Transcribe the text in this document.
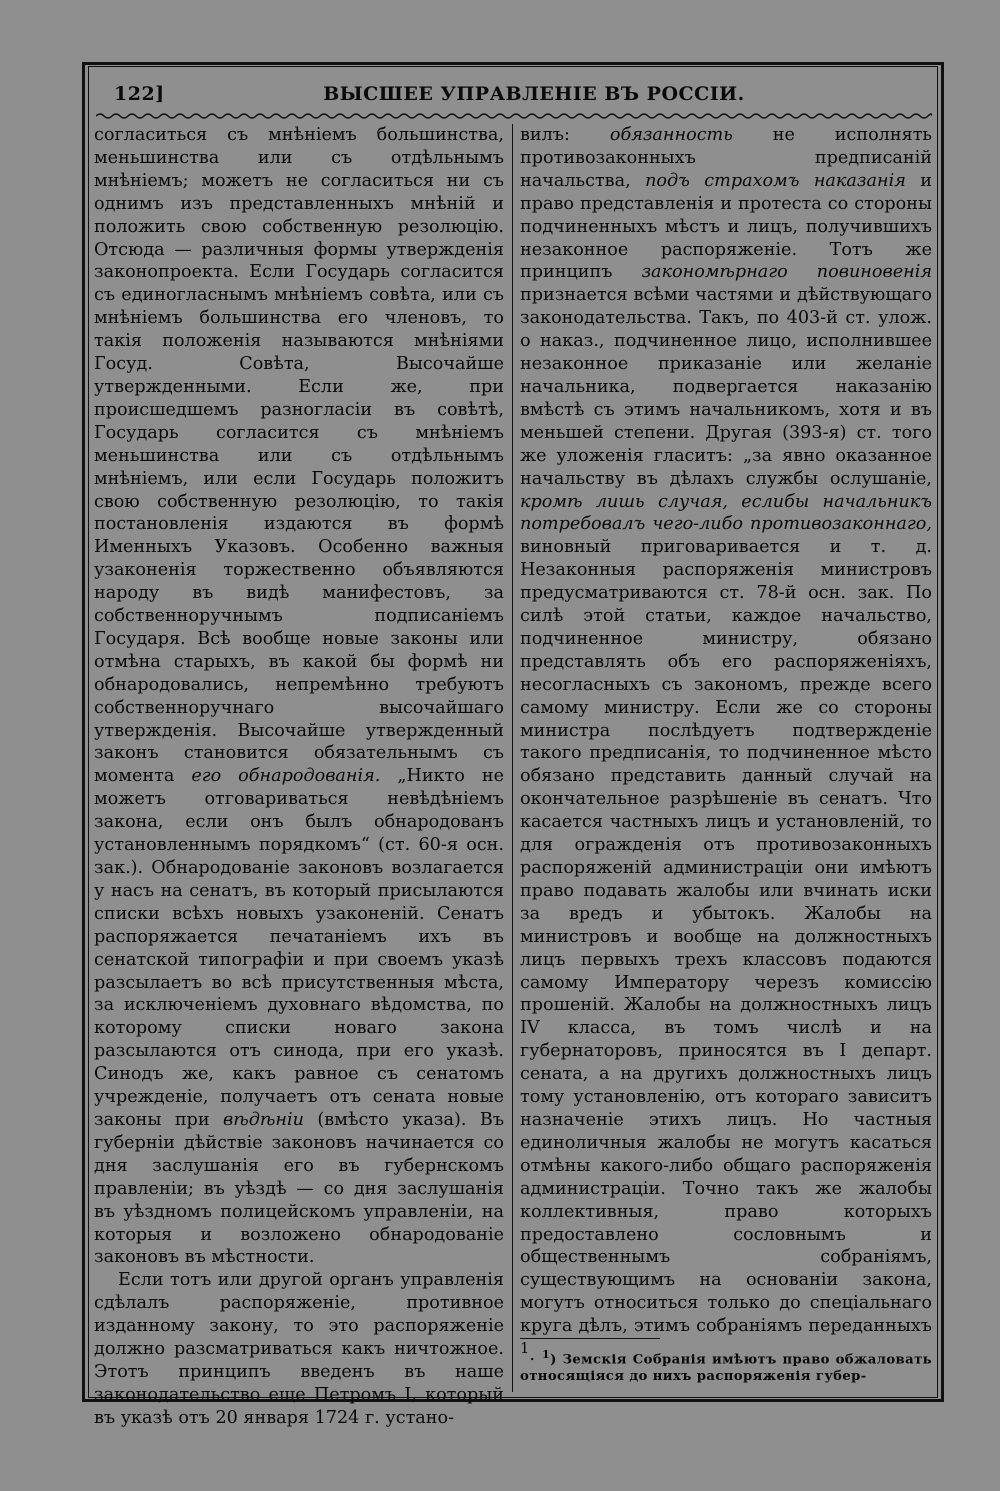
122]	ВЫСШЕЕ УПРАВЛЕНІЕ ВЪ РОССІИ.

согласиться съ мнѣніемъ большинства, меньшинства или съ отдѣльнымъ мнѣніемъ; можетъ не согласиться ни съ однимъ изъ представленныхъ мнѣній и положить свою собственную резолюцію. Отсюда — различныя формы утвержденія законопроекта. Если Государь согласится съ единогласнымъ мнѣніемъ совѣта, или съ мнѣніемъ большинства его членовъ, то такія положенія называются мнѣніями Госуд. Совѣта, Высочайше утвержденными. Если же, при происшедшемъ разногласіи въ совѣтѣ, Государь согласится съ мнѣніемъ меньшинства или съ отдѣльнымъ мнѣніемъ, или если Государь положитъ свою собственную резолюцію, то такія постановленія издаются въ формѣ Именныхъ Указовъ. Особенно важныя узаконенія торжественно объявляются народу въ видѣ манифестовъ, за собственноручнымъ подписаніемъ Государя. Всѣ вообще новые законы или отмѣна старыхъ, въ какой бы формѣ ни обнародовались, непремѣнно требуютъ собственноручнаго высочайшаго утвержденія. Высочайше утвержденный законъ становится обязательнымъ съ момента его обнародованія. „Никто не можетъ отговариваться невѣдѣніемъ закона, если онъ былъ обнародованъ установленнымъ порядкомъ“ (ст. 60-я осн. зак.). Обнародованіе законовъ возлагается у насъ на сенатъ, въ который присылаются списки всѣхъ новыхъ узаконеній. Сенатъ распоряжается печатаніемъ ихъ въ сенатской типографіи и при своемъ указѣ разсылаетъ во всѣ присутственныя мѣста, за исключеніемъ духовнаго вѣдомства, по которому списки новаго закона разсылаются отъ синода, при его указѣ. Синодъ же, какъ равное съ сенатомъ учрежденіе, получаетъ отъ сената новые законы при вѣдѣніи (вмѣсто указа). Въ губерніи дѣйствіе законовъ начинается со дня заслушанія его въ губернскомъ правленіи; въ уѣздѣ — со дня заслушанія въ уѣздномъ полицейскомъ управленіи, на которыя и возложено обнародованіе законовъ въ мѣстности.

Если тотъ или другой органъ управленія сдѣлалъ распоряженіе, противное изданному закону, то это распоряженіе должно разсматриваться какъ ничтожное. Этотъ принципъ введенъ въ наше законодательство еще Петромъ I, который въ указѣ отъ 20 января 1724 г. устано-

вилъ: обязанность не исполнять противозаконныхъ предписаній начальства, подъ страхомъ наказанія и право представленія и протеста со стороны подчиненныхъ мѣстъ и лицъ, получившихъ незаконное распоряженіе. Тотъ же принципъ закономѣрнаго повиновенія признается всѣми частями и дѣйствующаго законодательства. Такъ, по 403-й ст. улож. о наказ., подчиненное лицо, исполнившее незаконное приказаніе или желаніе начальника, подвергается наказанію вмѣстѣ съ этимъ начальникомъ, хотя и въ меньшей степени. Другая (393-я) ст. того же уложенія гласитъ: „за явно оказанное начальству въ дѣлахъ службы ослушаніе, кромѣ лишь случая, еслибы начальникъ потребовалъ чего-либо противозаконнаго, виновный приговаривается и т. д. Незаконныя распоряженія министровъ предусматриваются ст. 78-й осн. зак. По силѣ этой статьи, каждое начальство, подчиненное министру, обязано представлять объ его распоряженіяхъ, несогласныхъ съ закономъ, прежде всего самому министру. Если же со стороны министра послѣдуетъ подтвержденіе такого предписанія, то подчиненное мѣсто обязано представить данный случай на окончательное разрѣшеніе въ сенатъ. Что касается частныхъ лицъ и установленій, то для огражденія отъ противозаконныхъ распоряженій администраціи они имѣютъ право подавать жалобы или вчинать иски за вредъ и убытокъ. Жалобы на министровъ и вообще на должностныхъ лицъ первыхъ трехъ классовъ подаются самому Императору черезъ комиссію прошеній. Жалобы на должностныхъ лицъ IV класса, въ томъ числѣ и на губернаторовъ, приносятся въ I департ. сената, а на другихъ должностныхъ лицъ тому установленію, отъ котораго зависитъ назначеніе этихъ лицъ. Но частныя единоличныя жалобы не могутъ касаться отмѣны какого-либо общаго распоряженія администраціи. Точно такъ же жалобы коллективныя, право которыхъ предоставлено сословнымъ и общественнымъ собраніямъ, существующимъ на основаніи закона, могутъ относиться только до спеціальнаго круга дѣлъ, этимъ собраніямъ переданныхъ $^1$. $^1$) Земскія Собранія имѣютъ право обжаловать относящіяся до нихъ распоряженія губер-
